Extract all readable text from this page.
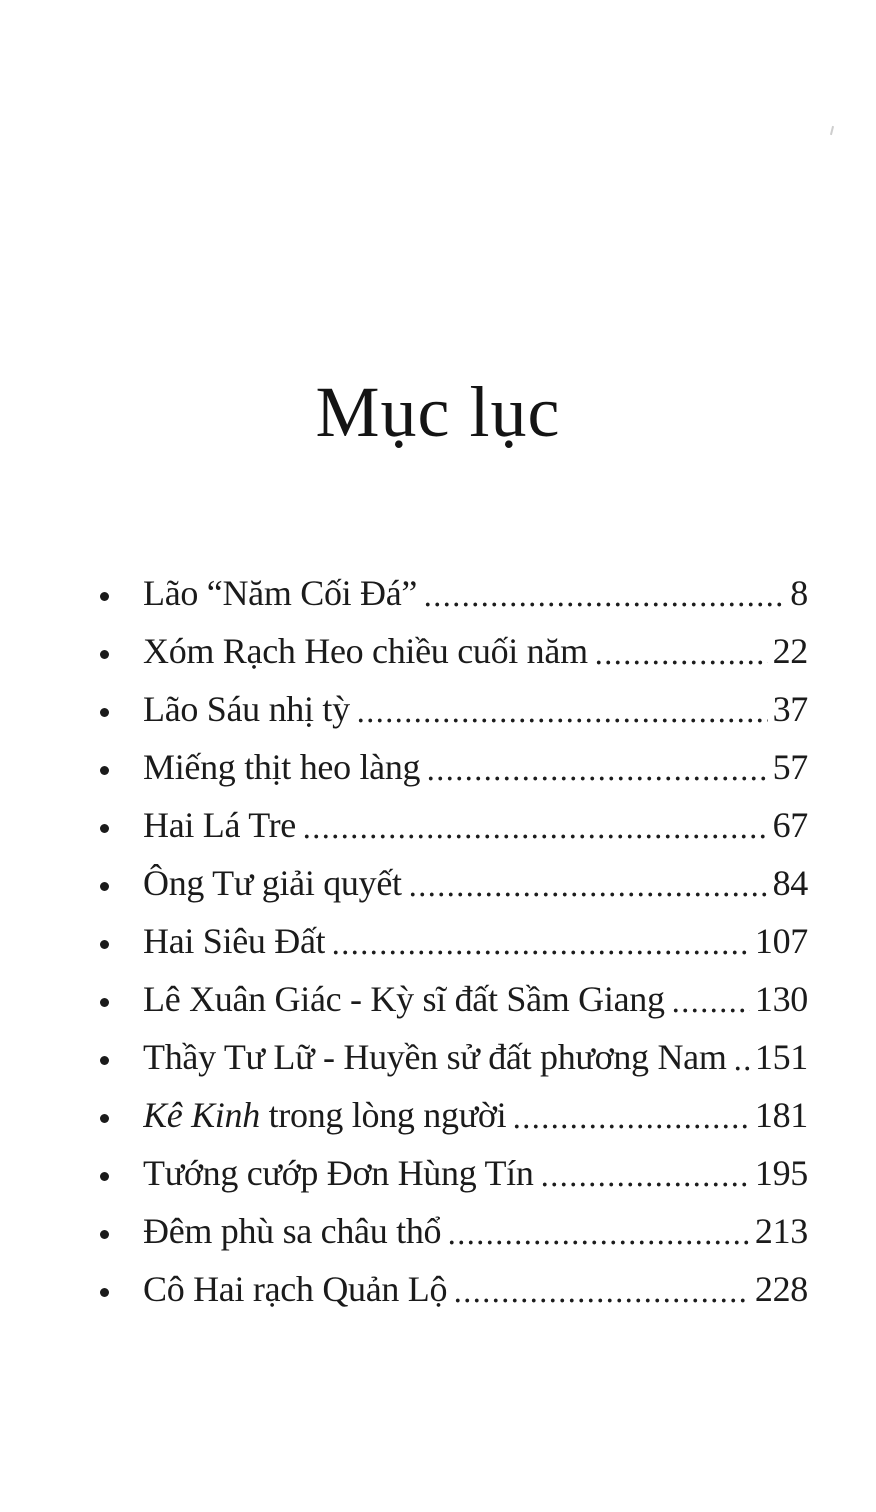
Mục lục
Lão “Năm Cối Đá”	8
Xóm Rạch Heo chiều cuối năm	22
Lão Sáu nhị tỳ	37
Miếng thịt heo làng	57
Hai Lá Tre	67
Ông Tư giải quyết	84
Hai Siêu Đất	107
Lê Xuân Giác - Kỳ sĩ đất Sầm Giang	130
Thầy Tư Lữ - Huyền sử đất phương Nam 151
Kê Kinh trong lòng người	181
Tướng cướp Đơn Hùng Tín	195
Đêm phù sa châu thổ	213
Cô Hai rạch Quản Lộ	228
